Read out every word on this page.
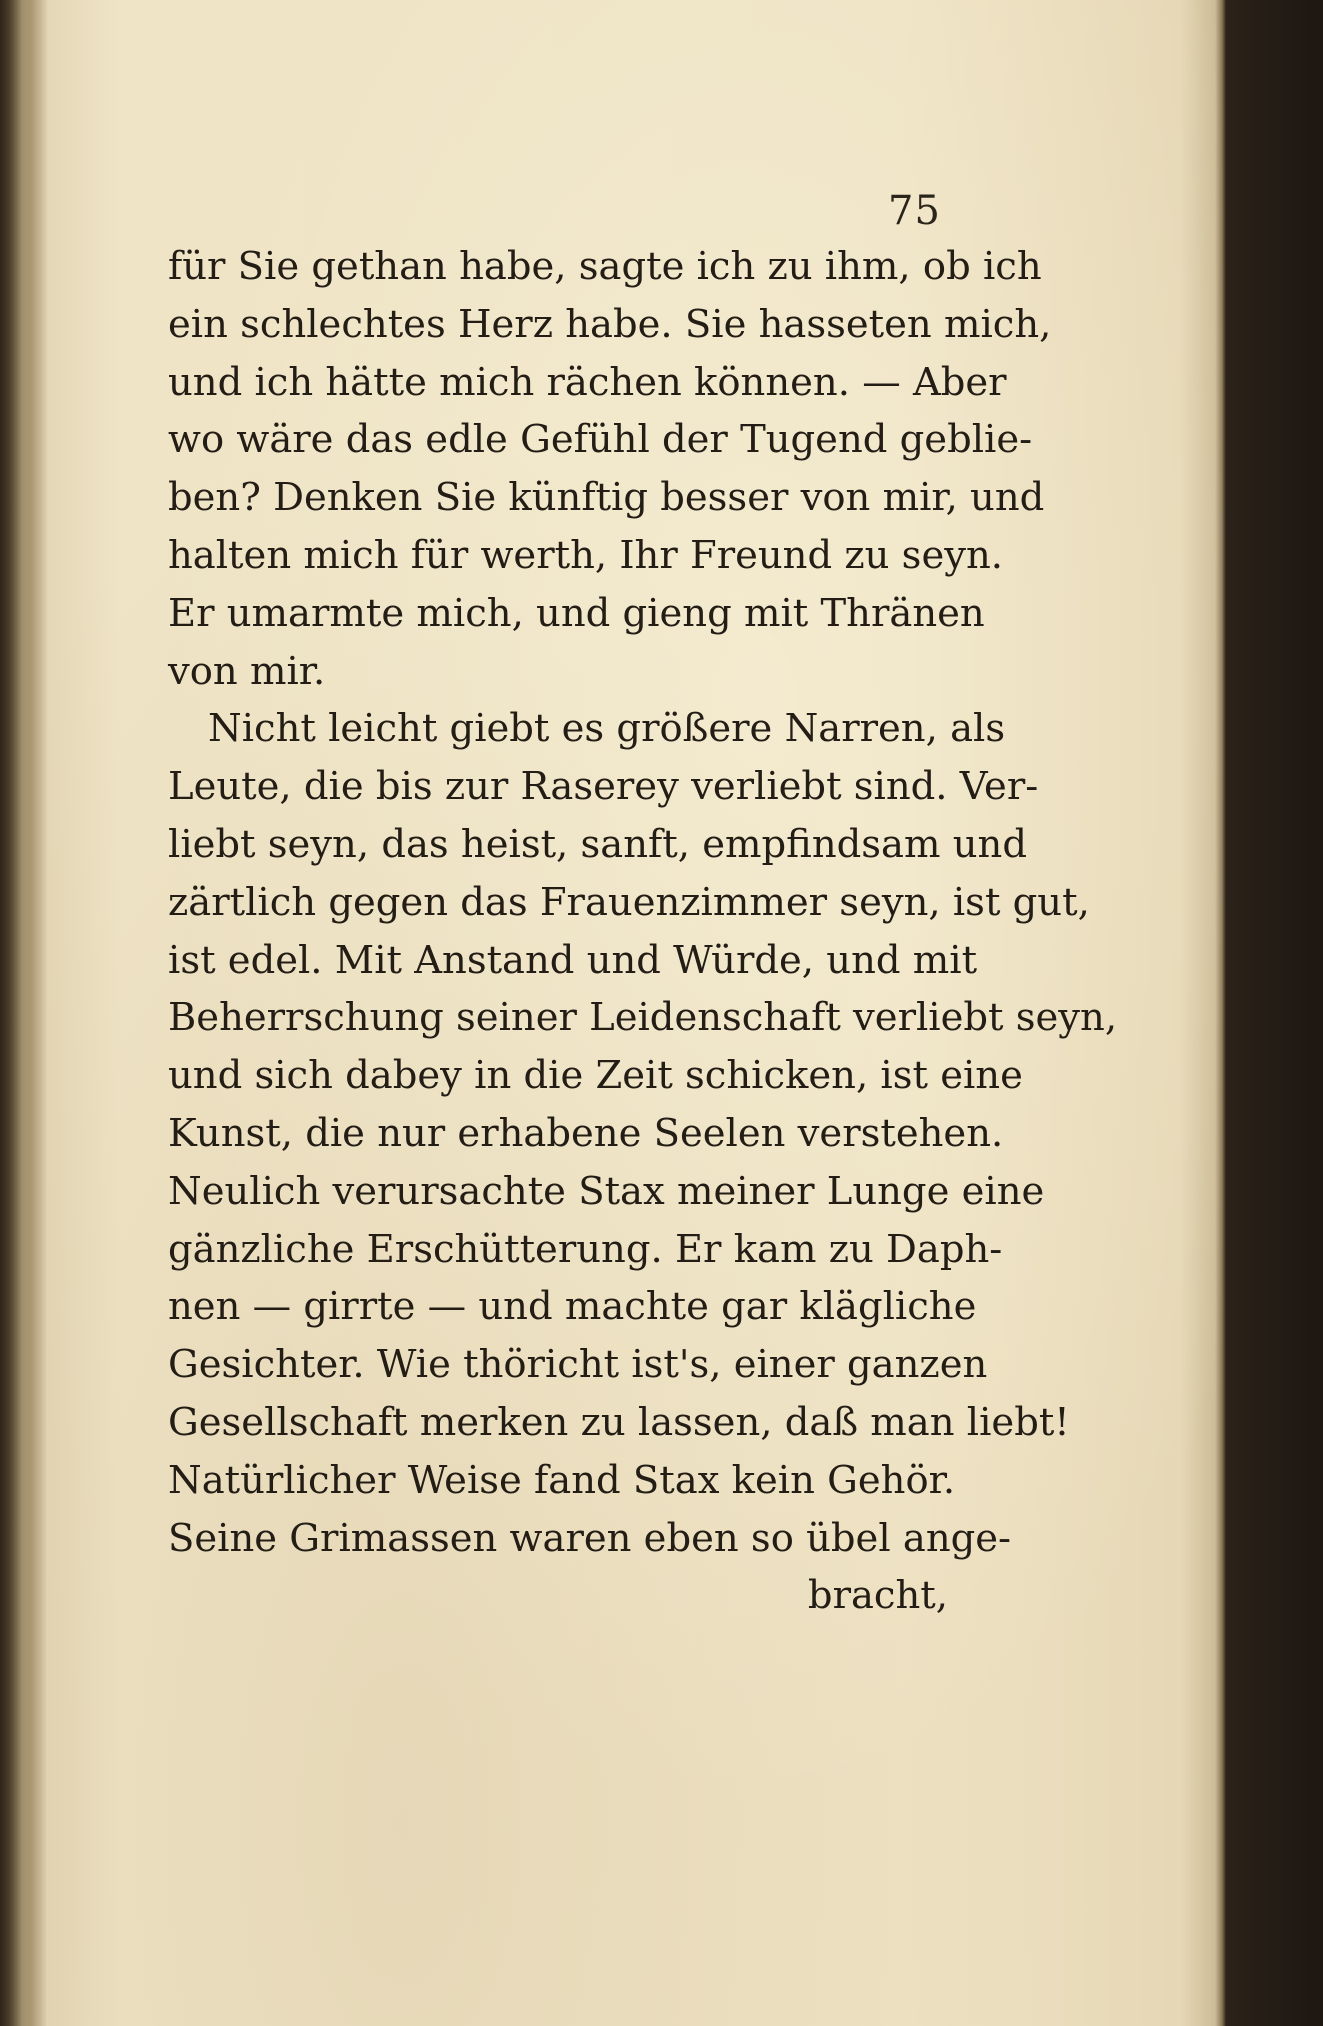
75

für Sie gethan habe, sagte ich zu ihm, ob ich
ein schlechtes Herz habe. Sie hasseten mich,
und ich hätte mich rächen können. — Aber
wo wäre das edle Gefühl der Tugend geblie-
ben? Denken Sie künftig besser von mir, und
halten mich für werth, Ihr Freund zu seyn.
Er umarmte mich, und gieng mit Thränen
von mir.

Nicht leicht giebt es größere Narren, als
Leute, die bis zur Raserey verliebt sind. Ver-
liebt seyn, das heist, sanft, empfindsam und
zärtlich gegen das Frauenzimmer seyn, ist gut,
ist edel. Mit Anstand und Würde, und mit
Beherrschung seiner Leidenschaft verliebt seyn,
und sich dabey in die Zeit schicken, ist eine
Kunst, die nur erhabene Seelen verstehen.
Neulich verursachte Stax meiner Lunge eine
gänzliche Erschütterung. Er kam zu Daph-
nen — girrte — und machte gar klägliche
Gesichter. Wie thöricht ist's, einer ganzen
Gesellschaft merken zu lassen, daß man liebt!
Natürlicher Weise fand Stax kein Gehör.
Seine Grimassen waren eben so übel ange-

bracht,
